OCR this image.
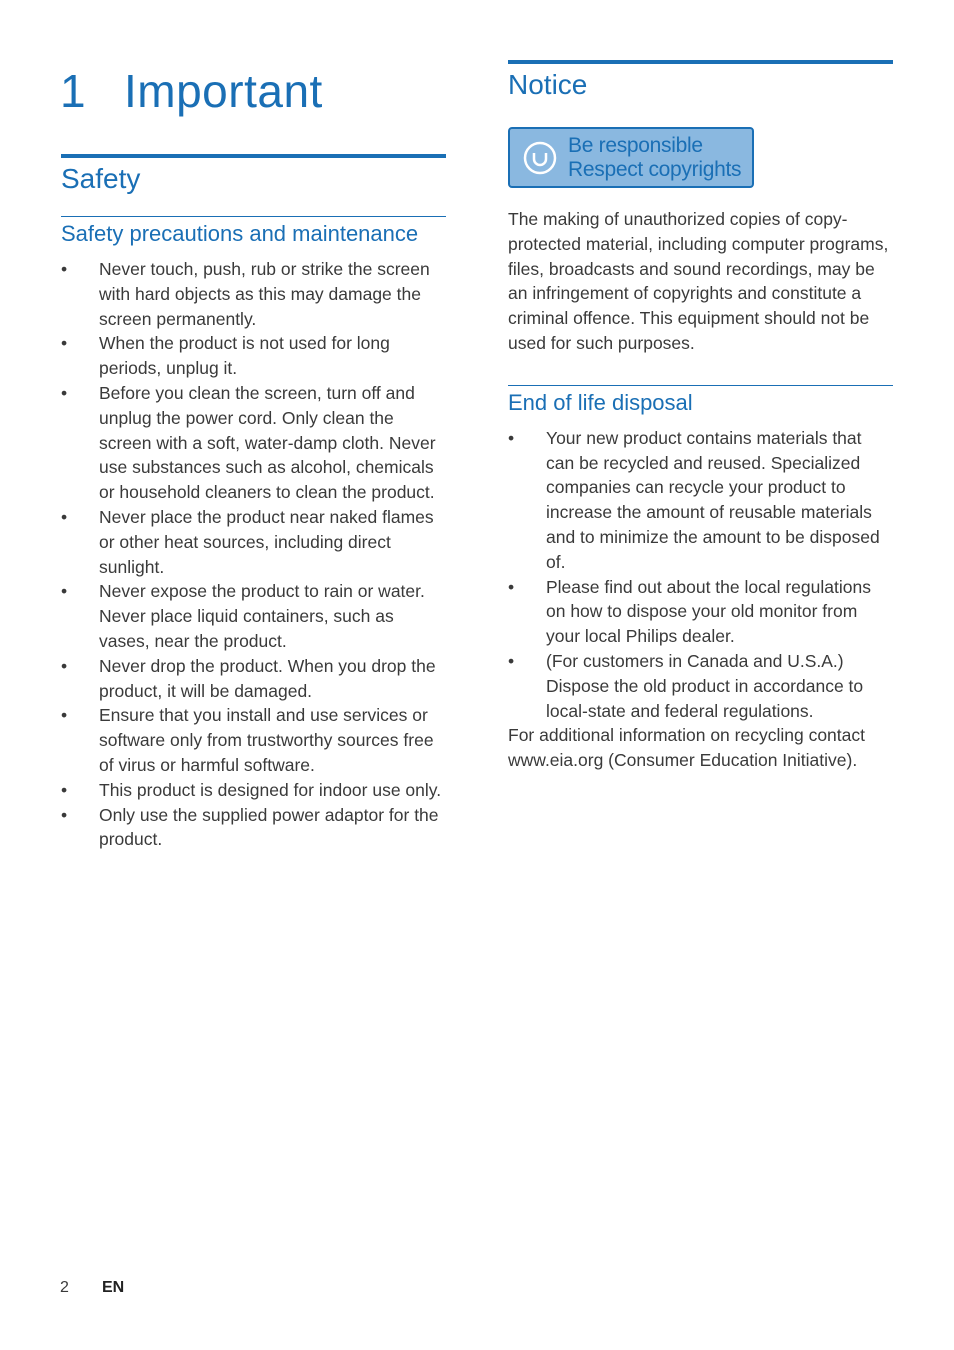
1 Important
Safety
Safety precautions and maintenance
•	Never touch, push, rub or strike the screen with hard objects as this may damage the screen permanently.
•	When the product is not used for long periods, unplug it.
•	Before you clean the screen, turn off and unplug the power cord. Only clean the screen with a soft, water-damp cloth. Never use substances such as alcohol, chemicals or household cleaners to clean the product.
•	Never place the product near naked flames or other heat sources, including direct sunlight.
•	Never expose the product to rain or water. Never place liquid containers, such as vases, near the product.
•	Never drop the product. When you drop the product, it will be damaged.
•	Ensure that you install and use services or software only from trustworthy sources free of virus or harmful software.
•	This product is designed for indoor use only.
•	Only use the supplied power adaptor for the product.
Notice
Be responsible
Respect copyrights

The making of unauthorized copies of copy-protected material, including computer programs, files, broadcasts and sound recordings, may be an infringement of copyrights and constitute a criminal offence. This equipment should not be used for such purposes.

End of life disposal
•	Your new product contains materials that can be recycled and reused. Specialized companies can recycle your product to increase the amount of reusable materials and to minimize the amount to be disposed of.
•	Please find out about the local regulations on how to dispose your old monitor from your local Philips dealer.
•	(For customers in Canada and U.S.A.) Dispose the old product in accordance to local-state and federal regulations.

For additional information on recycling contact www.eia.org (Consumer Education Initiative).

2 EN
